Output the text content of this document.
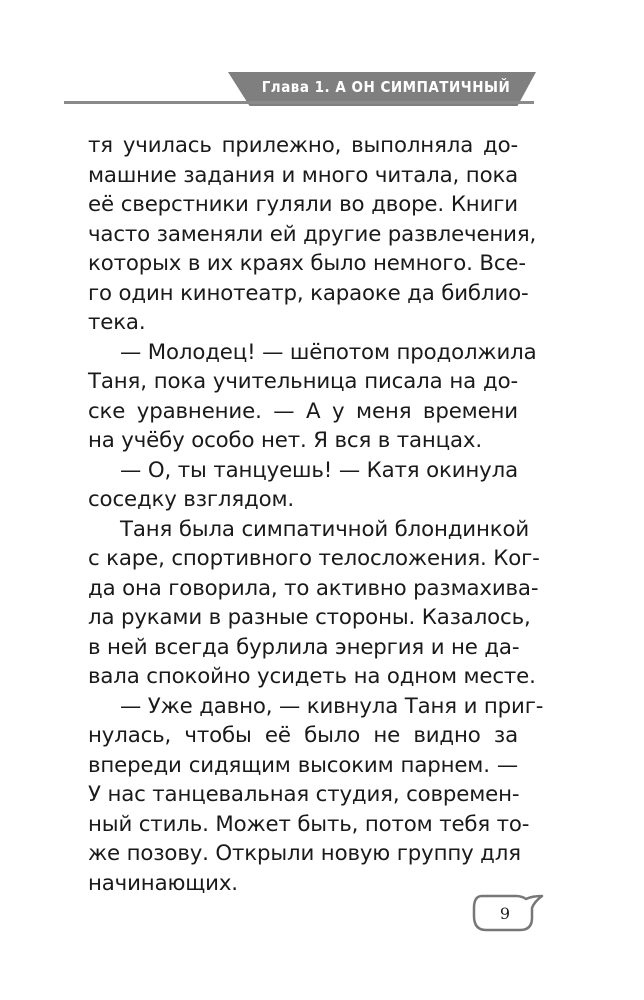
Глава 1. А ОН СИМПАТИЧНЫЙ
тя училась прилежно, выполняла до-
машние задания и много читала, пока
её сверстники гуляли во дворе. Книги
часто заменяли ей другие развлечения,
которых в их краях было немного. Все-
го один кинотеатр, караоке да библио-
тека.
— Молодец! — шёпотом продолжила
Таня, пока учительница писала на до-
ске уравнение. — А у меня времени
на учёбу особо нет. Я вся в танцах.
— О, ты танцуешь! — Катя окинула
соседку взглядом.
Таня была симпатичной блондинкой
с каре, спортивного телосложения. Ког-
да она говорила, то активно размахива-
ла руками в разные стороны. Казалось,
в ней всегда бурлила энергия и не да-
вала спокойно усидеть на одном месте.
— Уже давно, — кивнула Таня и приг-
нулась, чтобы её было не видно за
впереди сидящим высоким парнем. —
У нас танцевальная студия, современ-
ный стиль. Может быть, потом тебя то-
же позову. Открыли новую группу для
начинающих.
9
